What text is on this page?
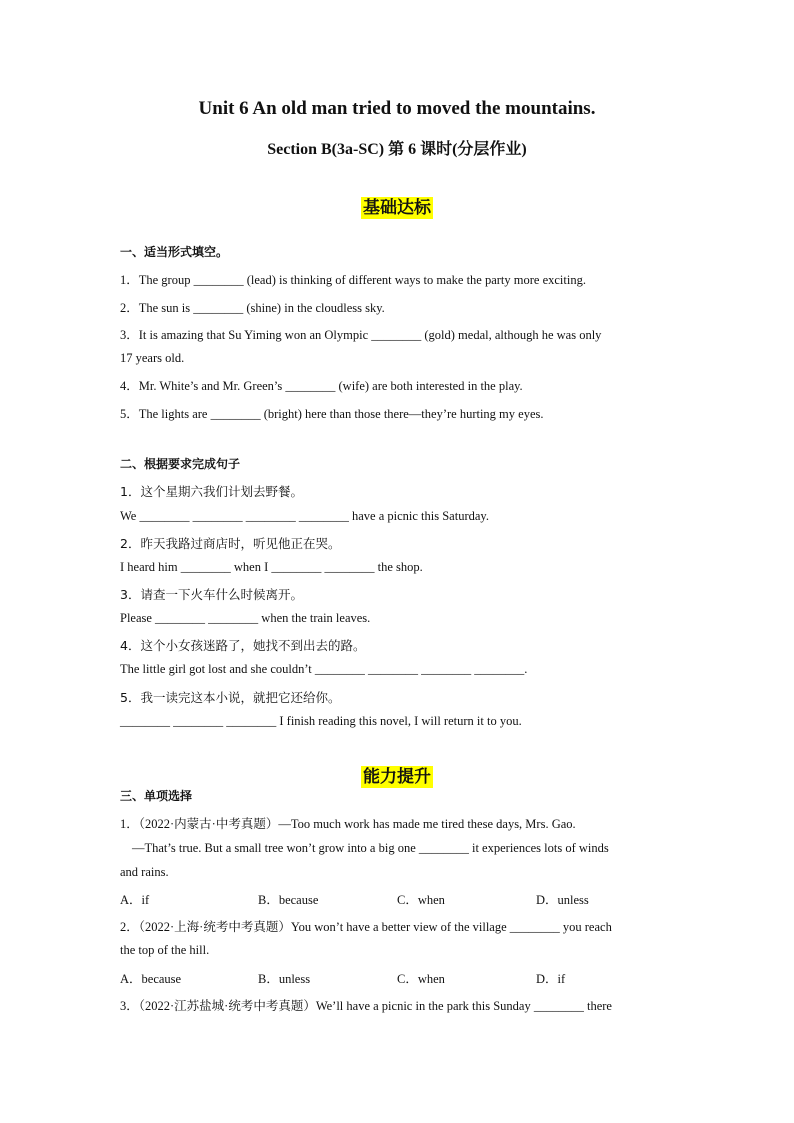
Unit 6 An old man tried to moved the mountains.
Section B(3a-SC) 第 6 课时(分层作业)
基础达标
一、适当形式填空。
1．The group ________ (lead) is thinking of different ways to make the party more exciting.
2．The sun is ________ (shine) in the cloudless sky.
3．It is amazing that Su Yiming won an Olympic ________ (gold) medal, although he was only
17 years old.
4．Mr. White’s and Mr. Green’s ________ (wife) are both interested in the play.
5．The lights are ________ (bright) here than those there—they’re hurting my eyes.
二、根据要求完成句子
1．这个星期六我们计划去野餐。
We ________ ________ ________ ________ have a picnic this Saturday.
2．昨天我路过商店时，听见他正在哭。
I heard him ________ when I ________ ________ the shop.
3．请查一下火车什么时候离开。
Please ________ ________ when the train leaves.
4．这个小女孩迷路了，她找不到出去的路。
The little girl got lost and she couldn’t ________ ________ ________ ________.
5．我一读完这本小说，就把它还给你。
________ ________ ________ I finish reading this novel, I will return it to you.
能力提升
三、单项选择
1．（2022·内蒙古·中考真题）—Too much work has made me tired these days, Mrs. Gao.
—That’s true. But a small tree won’t grow into a big one ________ it experiences lots of winds
and rains.
A．if	B．because	C．when	D．unless
2．（2022·上海·统考中考真题）You won’t have a better view of the village ________ you reach
the top of the hill.
A．because	B．unless	C．when	D．if
3．（2022·江苏盐城·统考中考真题）We’ll have a picnic in the park this Sunday ________ there
